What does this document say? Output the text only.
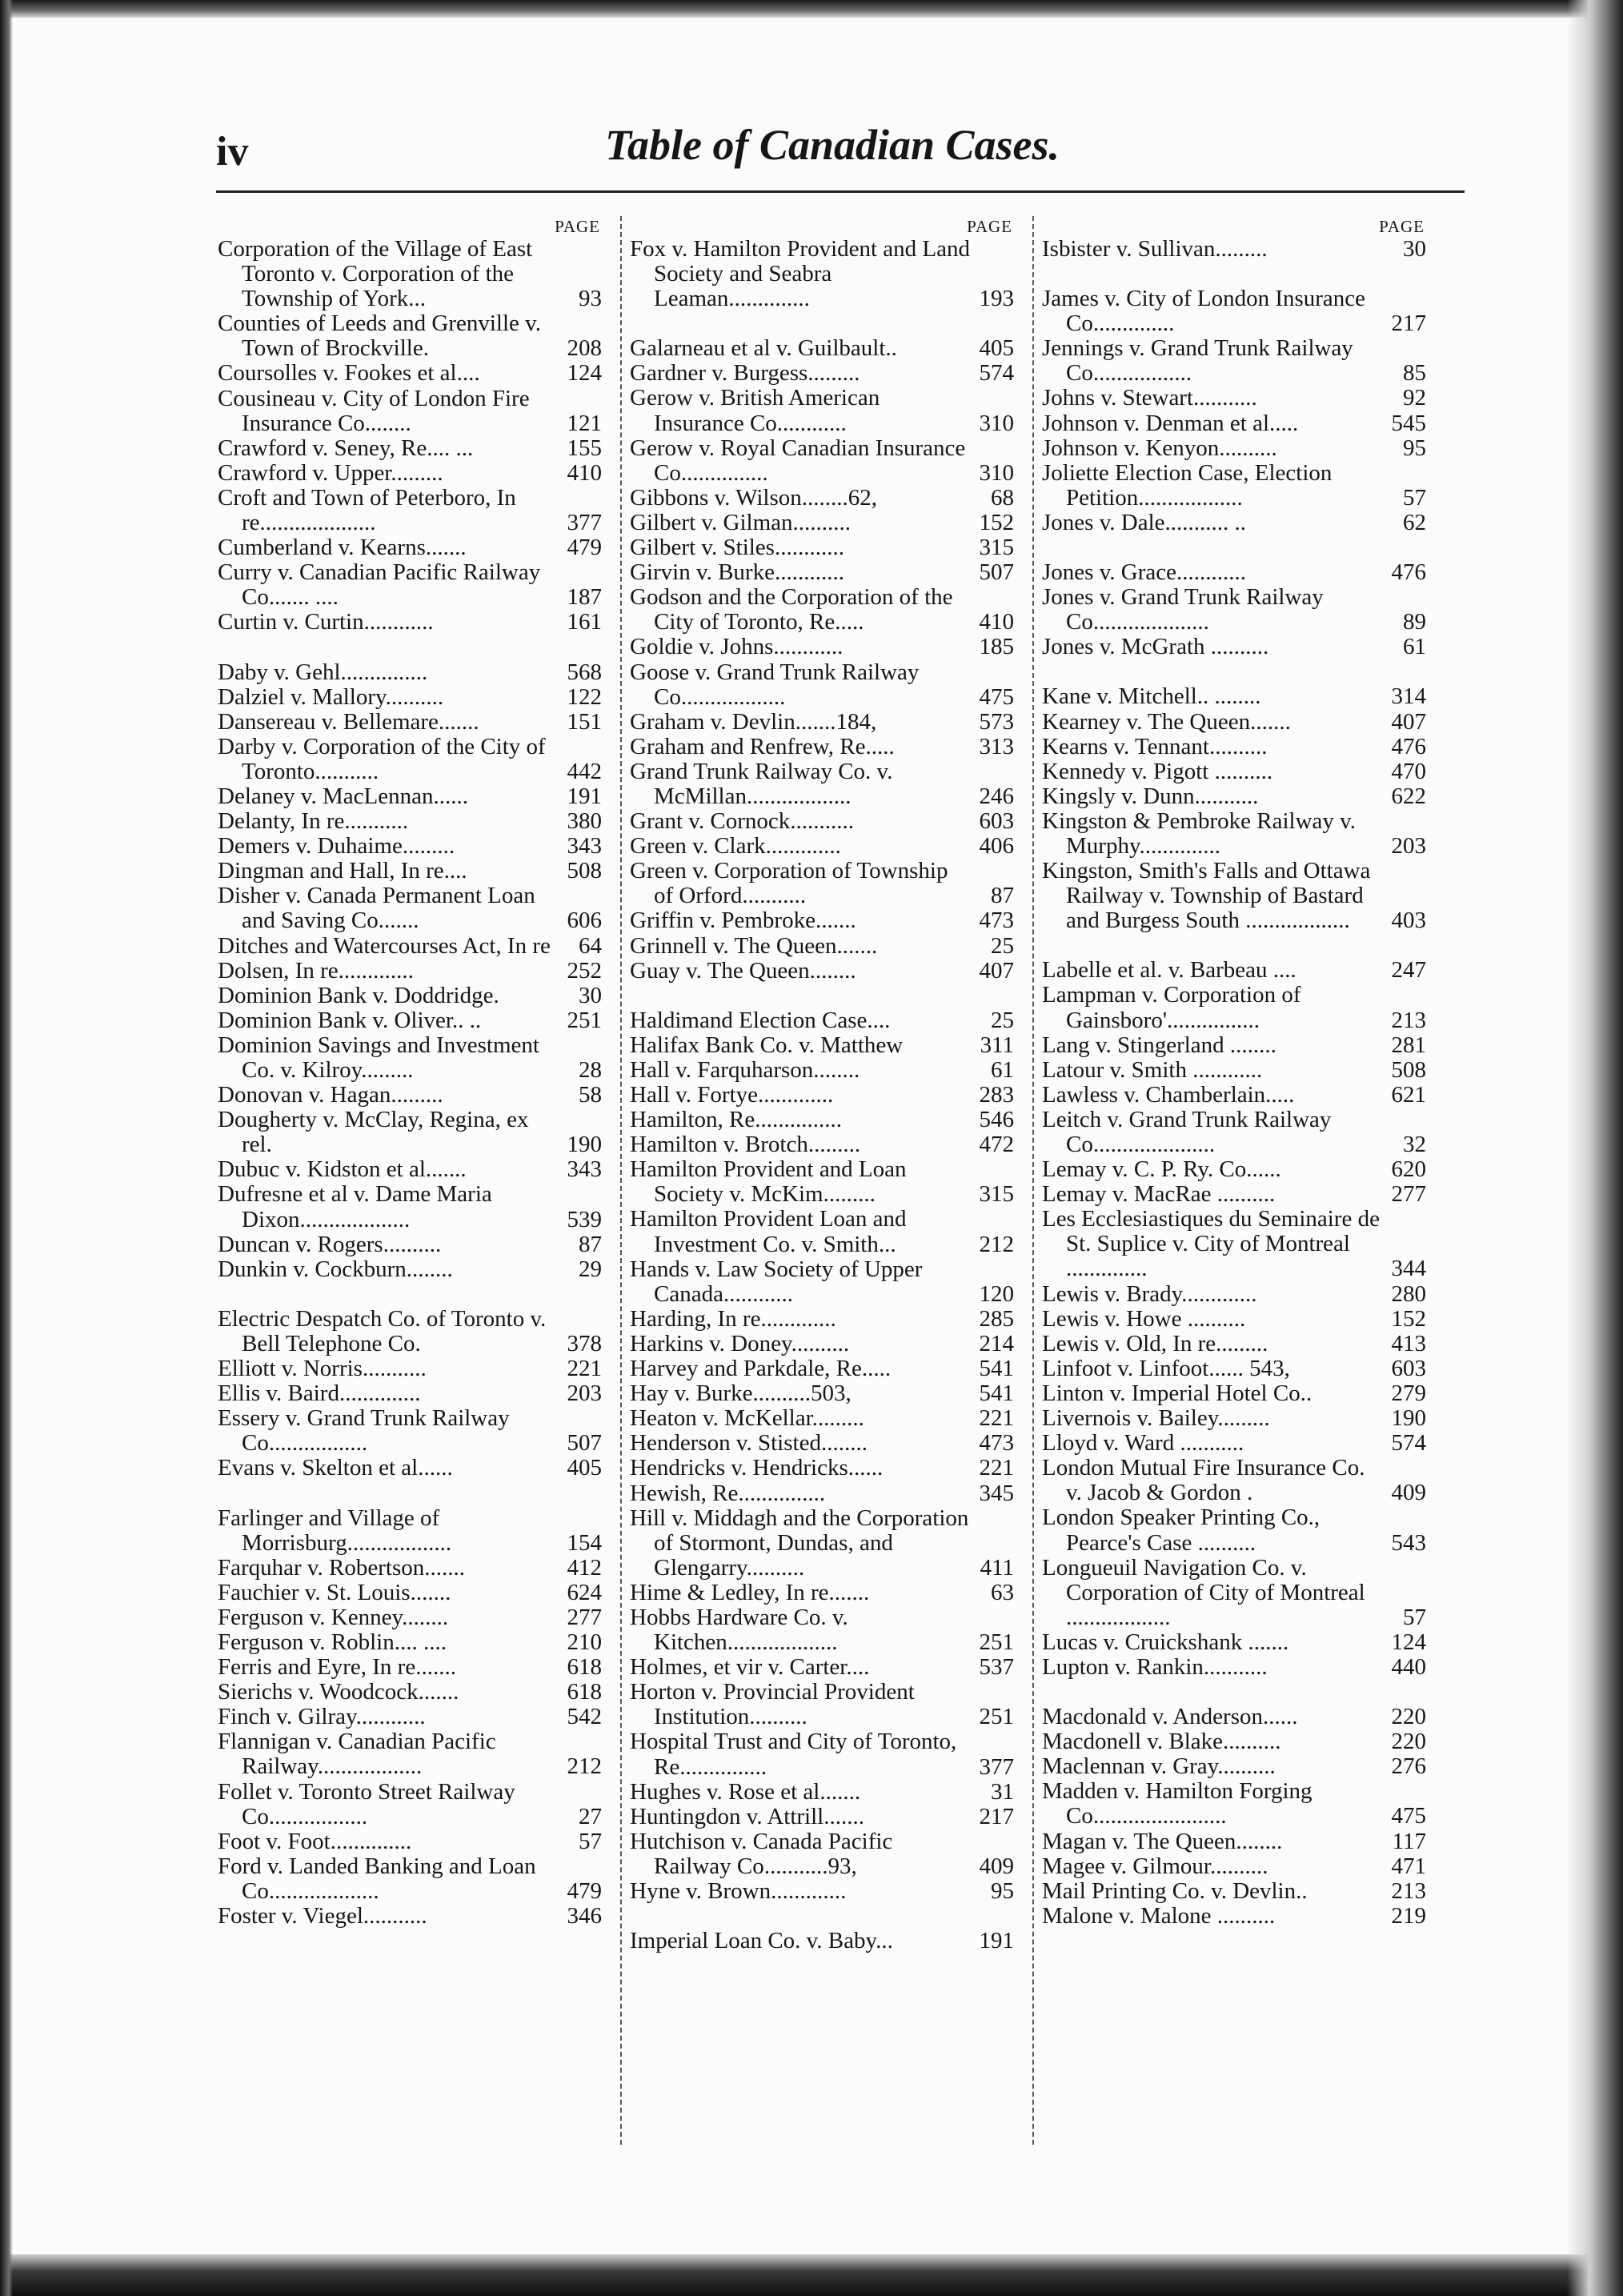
iv	Table of Canadian Cases.
PAGE
Corporation of the Village of East Toronto v. Corporation of the Township of York...	93
Counties of Leeds and Grenville v. Town of Brockville.	208
Coursolles v. Fookes et al....	124
Cousineau v. City of London Fire Insurance Co........	121
Crawford v. Seney, Re.... ...	155
Crawford v. Upper.........	410
Croft and Town of Peterboro, In re....................	377
Cumberland v. Kearns.......	479
Curry v. Canadian Pacific Railway Co....... ....	187
Curtin v. Curtin............	161
Daby v. Gehl...............	568
Dalziel v. Mallory..........	122
Dansereau v. Bellemare.......	151
Darby v. Corporation of the City of Toronto...........	442
Delaney v. MacLennan......	191
Delanty, In re...........	380
Demers v. Duhaime.........	343
Dingman and Hall, In re....	508
Disher v. Canada Permanent Loan and Saving Co.......	606
Ditches and Watercourses Act, In re	64
Dolsen, In re.............	252
Dominion Bank v. Doddridge.	30
Dominion Bank v. Oliver.. ..	251
Dominion Savings and Investment Co. v. Kilroy.........	28
Donovan v. Hagan.........	58
Dougherty v. McClay, Regina, ex rel.	190
Dubuc v. Kidston et al.......	343
Dufresne et al v. Dame Maria Dixon...................	539
Duncan v. Rogers..........	87
Dunkin v. Cockburn........	29
Electric Despatch Co. of Toronto v. Bell Telephone Co.	378
Elliott v. Norris...........	221
Ellis v. Baird..............	203
Essery v. Grand Trunk Railway Co.................	507
Evans v. Skelton et al......	405
Farlinger and Village of Morrisburg..................	154
Farquhar v. Robertson.......	412
Fauchier v. St. Louis.......	624
Ferguson v. Kenney........	277
Ferguson v. Roblin.... ....	210
Ferris and Eyre, In re.......	618
Sierichs v. Woodcock.......	618
Finch v. Gilray............	542
Flannigan v. Canadian Pacific Railway..................	212
Follet v. Toronto Street Railway Co.................	27
Foot v. Foot..............	57
Ford v. Landed Banking and Loan Co...................	479
Foster v. Viegel...........	346
PAGE
Fox v. Hamilton Provident and Land Society and Seabra Leaman..............	193
Galarneau et al v. Guilbault..	405
Gardner v. Burgess.........	574
Gerow v. British American Insurance Co............	310
Gerow v. Royal Canadian Insurance Co...............	310
Gibbons v. Wilson........62,	68
Gilbert v. Gilman..........	152
Gilbert v. Stiles............	315
Girvin v. Burke............	507
Godson and the Corporation of the City of Toronto, Re.....	410
Goldie v. Johns............	185
Goose v. Grand Trunk Railway Co..................	475
Graham v. Devlin.......184,	573
Graham and Renfrew, Re.....	313
Grand Trunk Railway Co. v. McMillan..................	246
Grant v. Cornock...........	603
Green v. Clark.............	406
Green v. Corporation of Township of Orford...........	87
Griffin v. Pembroke.......	473
Grinnell v. The Queen.......	25
Guay v. The Queen........	407
Haldimand Election Case....	25
Halifax Bank Co. v. Matthew	311
Hall v. Farquharson........	61
Hall v. Fortye.............	283
Hamilton, Re...............	546
Hamilton v. Brotch.........	472
Hamilton Provident and Loan Society v. McKim.........	315
Hamilton Provident Loan and Investment Co. v. Smith...	212
Hands v. Law Society of Upper Canada............	120
Harding, In re.............	285
Harkins v. Doney..........	214
Harvey and Parkdale, Re.....	541
Hay v. Burke..........503,	541
Heaton v. McKellar.........	221
Henderson v. Stisted........	473
Hendricks v. Hendricks......	221
Hewish, Re...............	345
Hill v. Middagh and the Corporation of Stormont, Dundas, and Glengarry..........	411
Hime & Ledley, In re.......	63
Hobbs Hardware Co. v. Kitchen...................	251
Holmes, et vir v. Carter....	537
Horton v. Provincial Provident Institution..........	251
Hospital Trust and City of Toronto, Re...............	377
Hughes v. Rose et al.......	31
Huntingdon v. Attrill.......	217
Hutchison v. Canada Pacific Railway Co...........93,	409
Hyne v. Brown.............	95
Imperial Loan Co. v. Baby...	191
PAGE
Isbister v. Sullivan.........	30
James v. City of London Insurance Co..............	217
Jennings v. Grand Trunk Railway Co.................	85
Johns v. Stewart...........	92
Johnson v. Denman et al.....	545
Johnson v. Kenyon..........	95
Joliette Election Case, Election Petition..................	57
Jones v. Dale........... ..	62
Jones v. Grace............	476
Jones v. Grand Trunk Railway Co....................	89
Jones v. McGrath ..........	61
Kane v. Mitchell.. ........	314
Kearney v. The Queen.......	407
Kearns v. Tennant..........	476
Kennedy v. Pigott ..........	470
Kingsly v. Dunn...........	622
Kingston & Pembroke Railway v. Murphy..............	203
Kingston, Smith's Falls and Ottawa Railway v. Township of Bastard and Burgess South ..................	403
Labelle et al. v. Barbeau ....	247
Lampman v. Corporation of Gainsboro'................	213
Lang v. Stingerland ........	281
Latour v. Smith ............	508
Lawless v. Chamberlain.....	621
Leitch v. Grand Trunk Railway Co.....................	32
Lemay v. C. P. Ry. Co......	620
Lemay v. MacRae ..........	277
Les Ecclesiastiques du Seminaire de St. Suplice v. City of Montreal ..............	344
Lewis v. Brady.............	280
Lewis v. Howe ..........	152
Lewis v. Old, In re.........	413
Linfoot v. Linfoot...... 543,	603
Linton v. Imperial Hotel Co..	279
Livernois v. Bailey.........	190
Lloyd v. Ward ...........	574
London Mutual Fire Insurance Co. v. Jacob & Gordon .	409
London Speaker Printing Co., Pearce's Case ..........	543
Longueuil Navigation Co. v. Corporation of City of Montreal ..................	57
Lucas v. Cruickshank .......	124
Lupton v. Rankin...........	440
Macdonald v. Anderson......	220
Macdonell v. Blake..........	220
Maclennan v. Gray..........	276
Madden v. Hamilton Forging Co.......................	475
Magan v. The Queen........	117
Magee v. Gilmour..........	471
Mail Printing Co. v. Devlin..	213
Malone v. Malone ..........	219
